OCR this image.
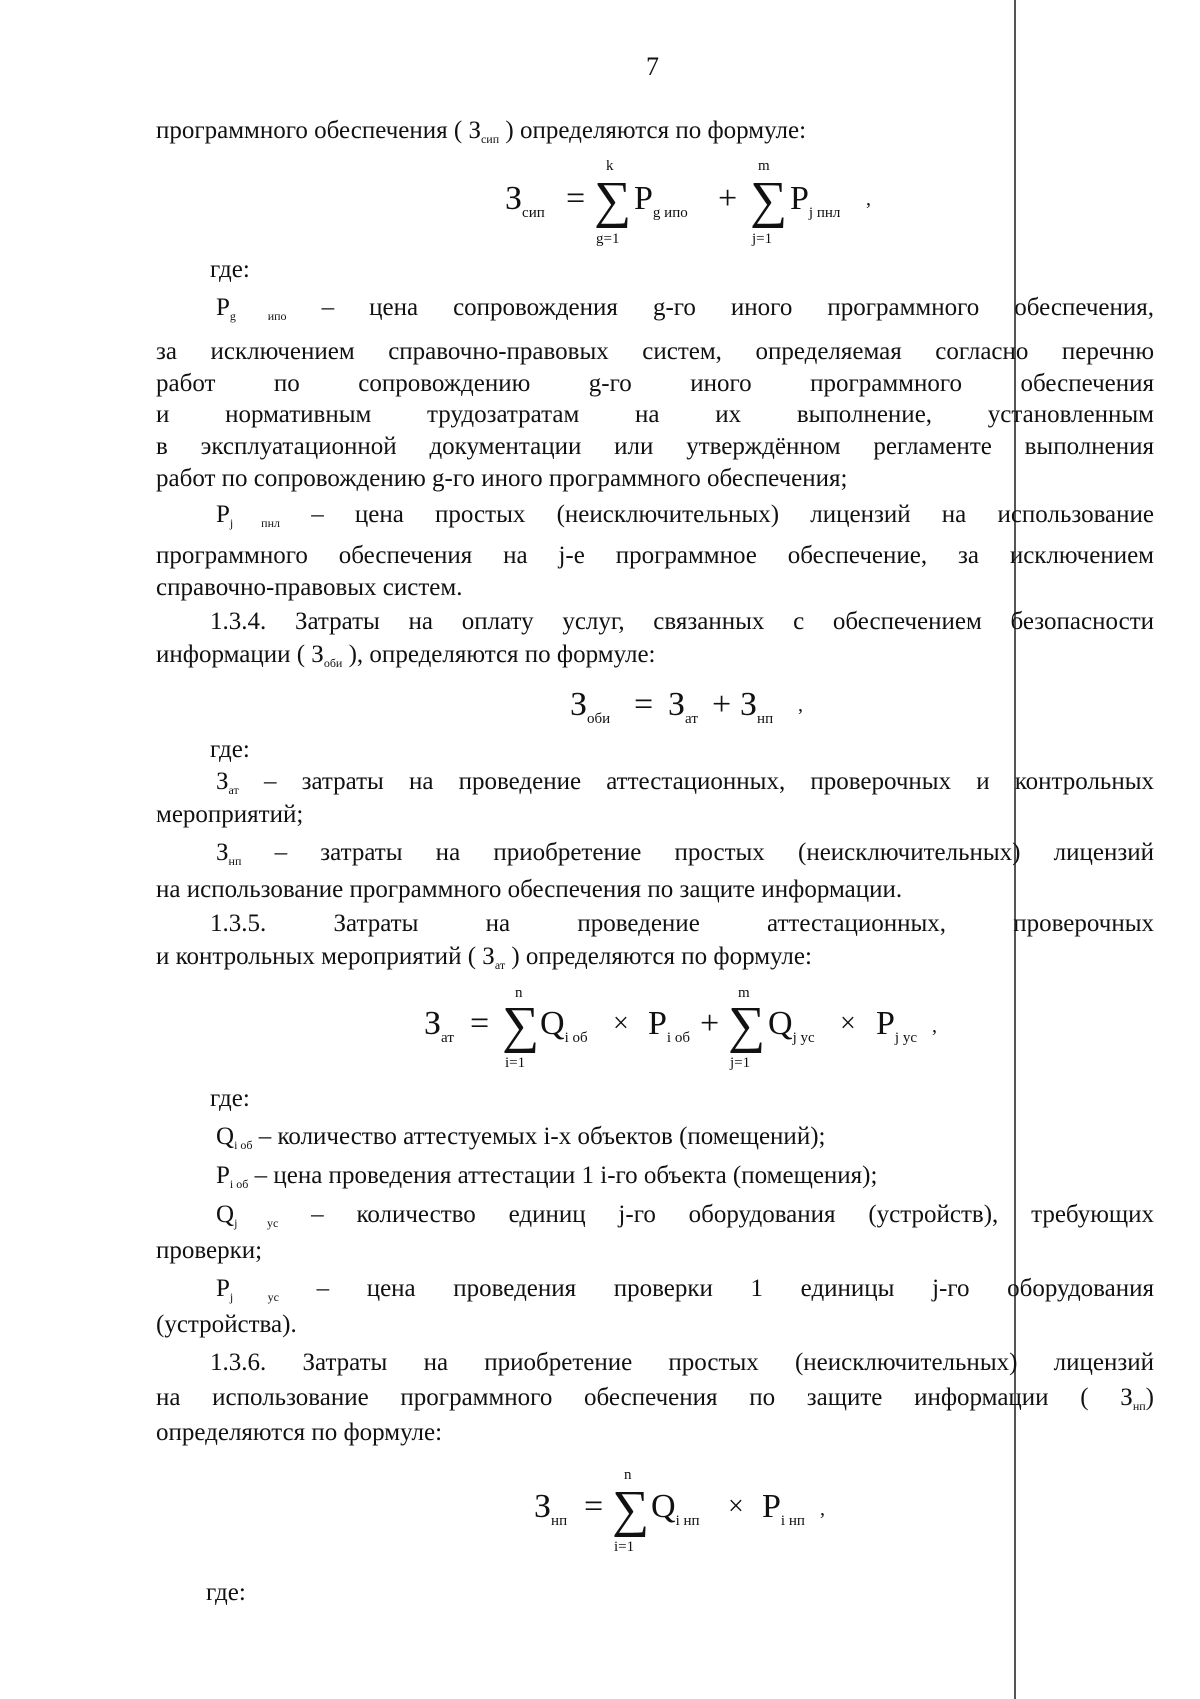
7
программного обеспечения ( $З_{сип}$ ) определяются по формуле:
$З_{сип}$ =
k
∑
g=1
$P_{g ипо}$ +
m
∑
j=1
$P_{j пнл}$
,
где:
$P_{g ипо}$ – цена сопровождения g-го иного программного обеспечения,
за исключением справочно-правовых систем, определяемая согласно перечню
работ по сопровождению g-го иного программного обеспечения
и нормативным трудозатратам на их выполнение, установленным
в эксплуатационной документации или утверждённом регламенте выполнения
работ по сопровождению g-го иного программного обеспечения;
$P_{j пнл}$ – цена простых (неисключительных) лицензий на использование
программного обеспечения на j-е программное обеспечение, за исключением
справочно-правовых систем.
1.3.4. Затраты на оплату услуг, связанных с обеспечением безопасности
информации ( $З_{оби}$ ), определяются по формуле:
$З_{оби} = З_{ат} + З_{нп}$
,
где:
$З_{ат}$ – затраты на проведение аттестационных, проверочных и контрольных
мероприятий;
$З_{нп}$ – затраты на приобретение простых (неисключительных) лицензий
на использование программного обеспечения по защите информации.
1.3.5. Затраты на проведение аттестационных, проверочных
и контрольных мероприятий ( $З_{ат}$ ) определяются по формуле:
$З_{ат}$ =
n
∑
i=1
$Q_{i об} \times P_{i об}$ +
m
∑
j=1
$Q_{j ус} \times P_{j ус}$
,
где:
$Q_{i об}$ – количество аттестуемых i-х объектов (помещений);
$P_{i об}$ – цена проведения аттестации 1 i-го объекта (помещения);
$Q_{j ус}$ – количество единиц j-го оборудования (устройств), требующих
проверки;
$P_{j ус}$ – цена проведения проверки 1 единицы j-го оборудования
(устройства).
1.3.6. Затраты на приобретение простых (неисключительных) лицензий
на использование программного обеспечения по защите информации ( $З_{нп}$)
определяются по формуле:
$З_{нп}$ =
n
∑
i=1
$Q_{i нп} \times P_{i нп}$
,
где:
